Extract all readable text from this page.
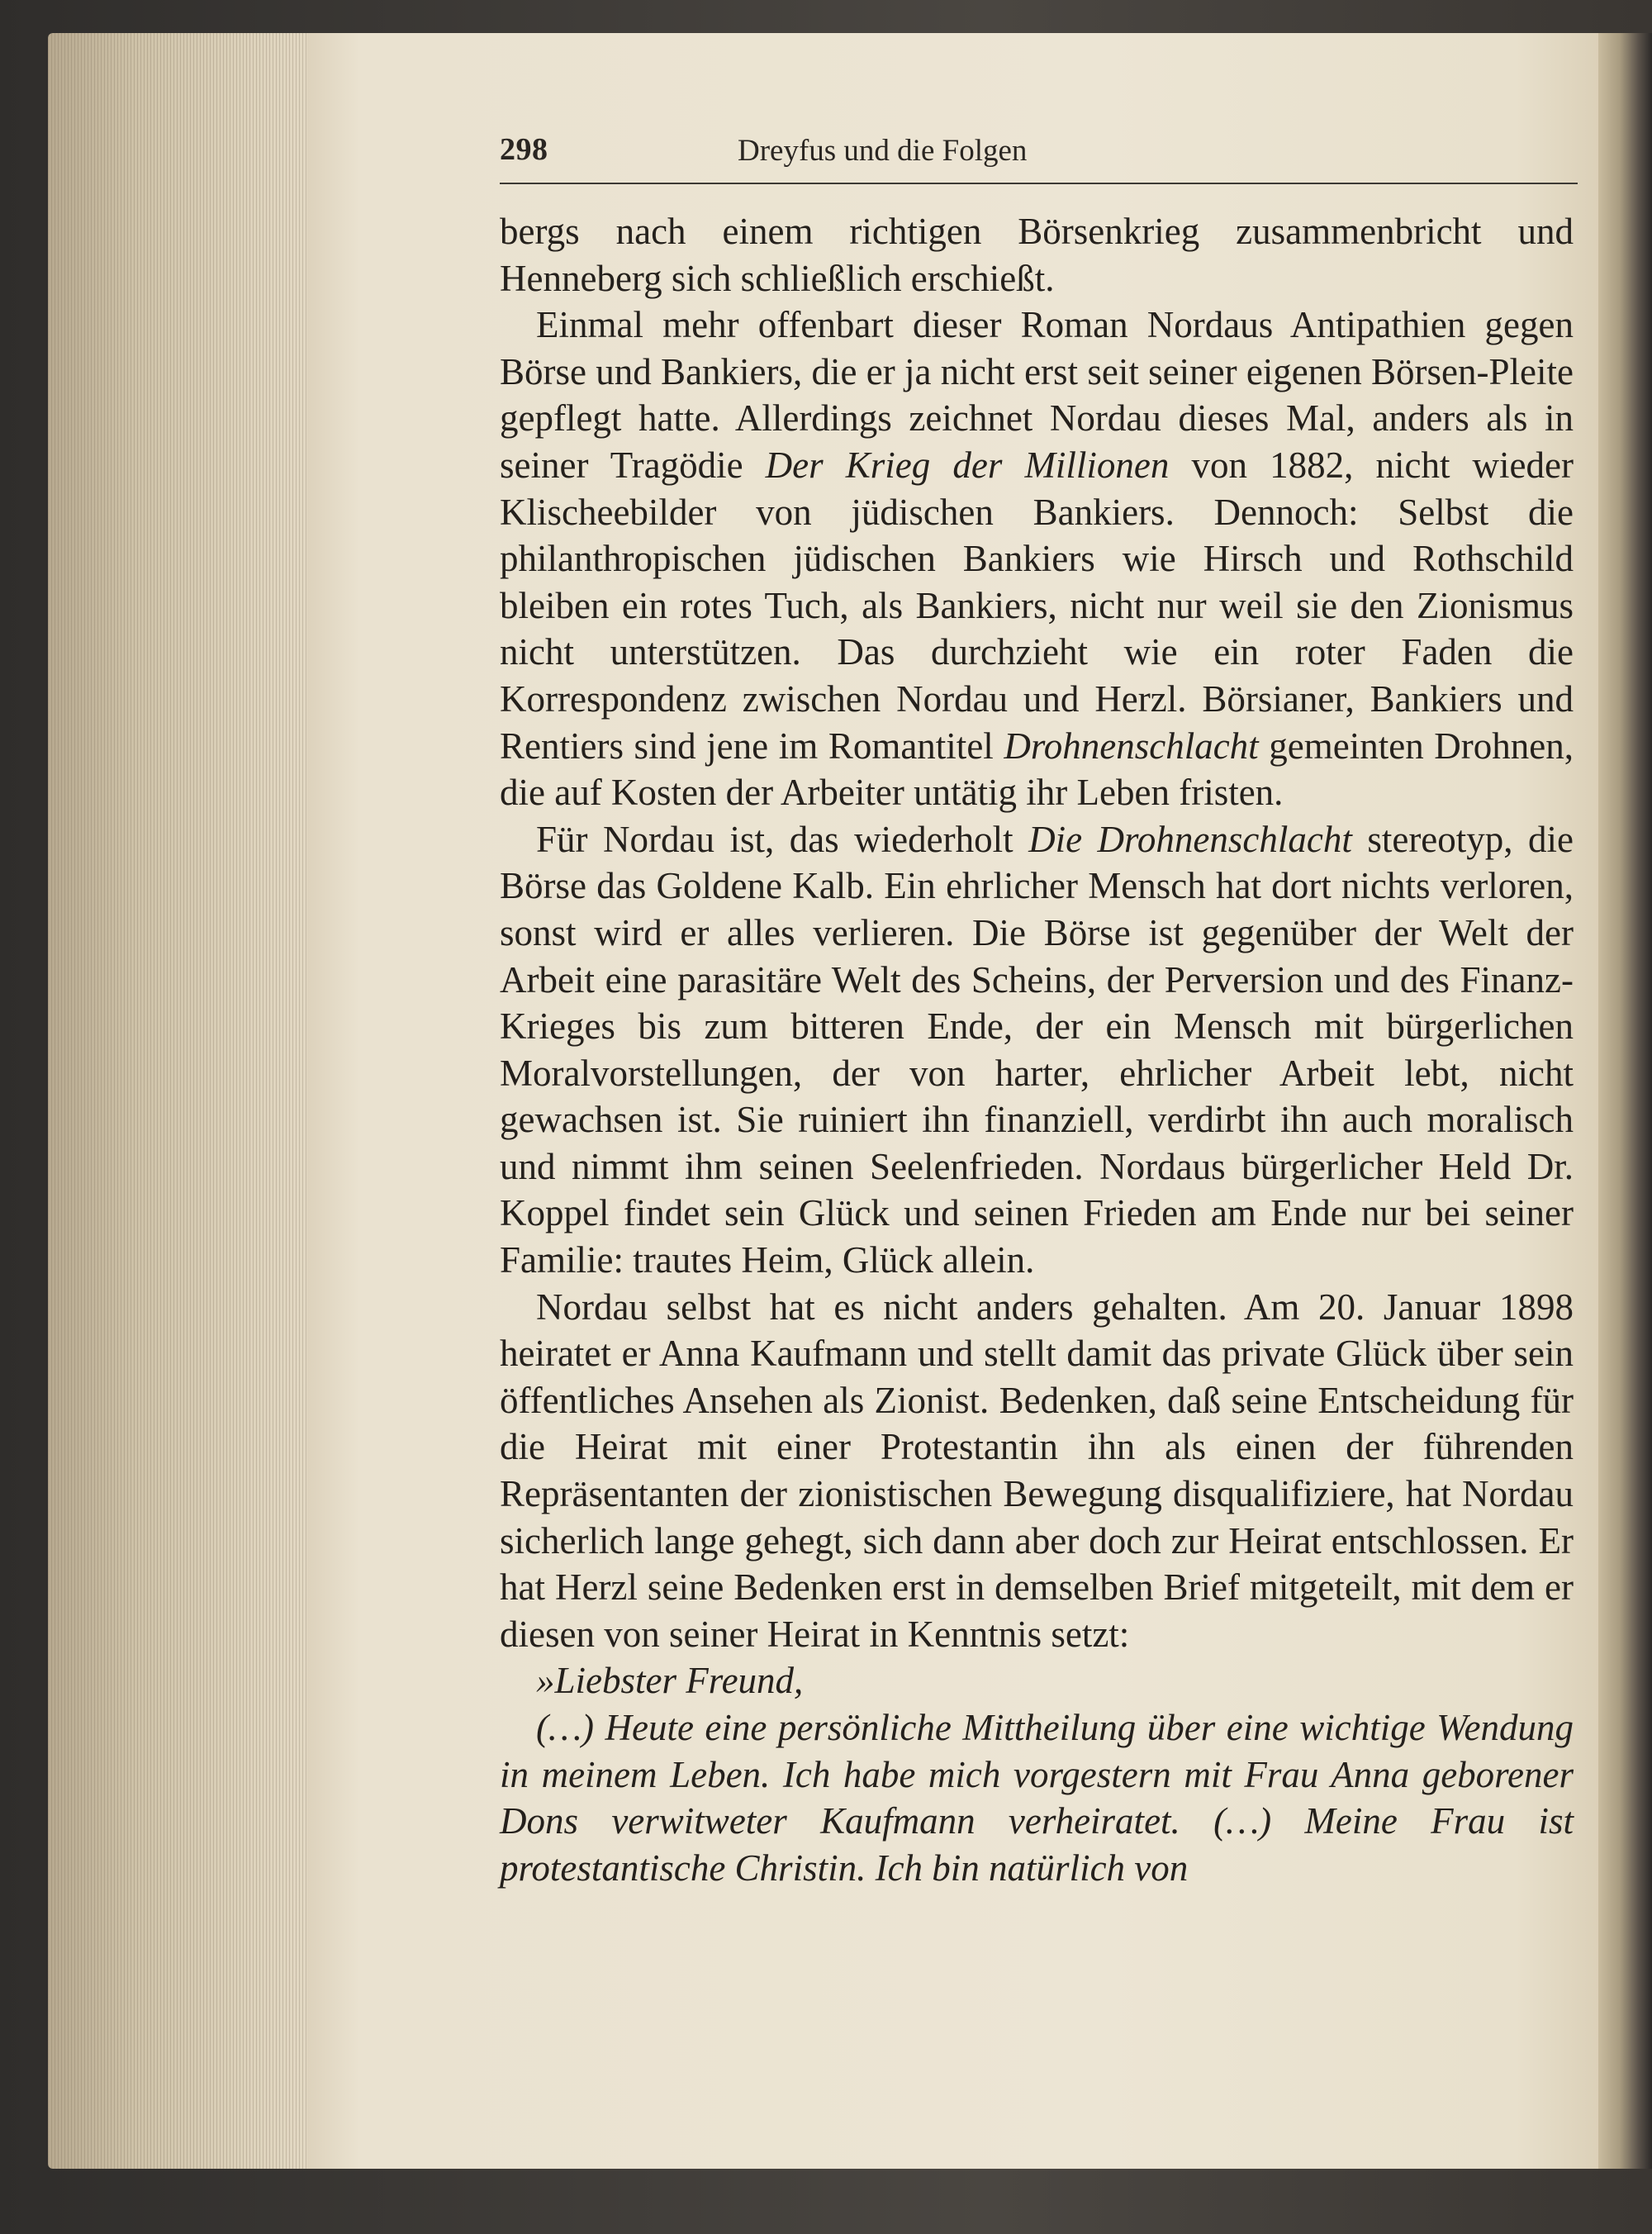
298	Dreyfus und die Folgen

bergs nach einem richtigen Börsenkrieg zusammenbricht und Henneberg sich schließlich erschießt.

Einmal mehr offenbart dieser Roman Nordaus Antipathien gegen Börse und Bankiers, die er ja nicht erst seit seiner eigenen Börsen-Pleite gepflegt hatte. Allerdings zeichnet Nordau dieses Mal, anders als in seiner Tragödie Der Krieg der Millionen von 1882, nicht wieder Klischeebilder von jüdischen Bankiers. Dennoch: Selbst die philanthropischen jüdischen Bankiers wie Hirsch und Rothschild bleiben ein rotes Tuch, als Bankiers, nicht nur weil sie den Zionismus nicht unterstützen. Das durchzieht wie ein roter Faden die Korrespondenz zwischen Nordau und Herzl. Börsianer, Bankiers und Rentiers sind jene im Romantitel Drohnenschlacht gemeinten Drohnen, die auf Kosten der Arbeiter untätig ihr Leben fristen.

Für Nordau ist, das wiederholt Die Drohnenschlacht stereotyp, die Börse das Goldene Kalb. Ein ehrlicher Mensch hat dort nichts verloren, sonst wird er alles verlieren. Die Börse ist gegenüber der Welt der Arbeit eine parasitäre Welt des Scheins, der Perversion und des Finanz-Krieges bis zum bitteren Ende, der ein Mensch mit bürgerlichen Moralvorstellungen, der von harter, ehrlicher Arbeit lebt, nicht gewachsen ist. Sie ruiniert ihn finanziell, verdirbt ihn auch moralisch und nimmt ihm seinen Seelenfrieden. Nordaus bürgerlicher Held Dr. Koppel findet sein Glück und seinen Frieden am Ende nur bei seiner Familie: trautes Heim, Glück allein.

Nordau selbst hat es nicht anders gehalten. Am 20. Januar 1898 heiratet er Anna Kaufmann und stellt damit das private Glück über sein öffentliches Ansehen als Zionist. Bedenken, daß seine Entscheidung für die Heirat mit einer Protestantin ihn als einen der führenden Repräsentanten der zionistischen Bewegung disqualifiziere, hat Nordau sicherlich lange gehegt, sich dann aber doch zur Heirat entschlossen. Er hat Herzl seine Bedenken erst in demselben Brief mitgeteilt, mit dem er diesen von seiner Heirat in Kenntnis setzt:

»Liebster Freund,

(…) Heute eine persönliche Mittheilung über eine wichtige Wendung in meinem Leben. Ich habe mich vorgestern mit Frau Anna geborener Dons verwitweter Kaufmann verheiratet. (…) Meine Frau ist protestantische Christin. Ich bin natürlich von
